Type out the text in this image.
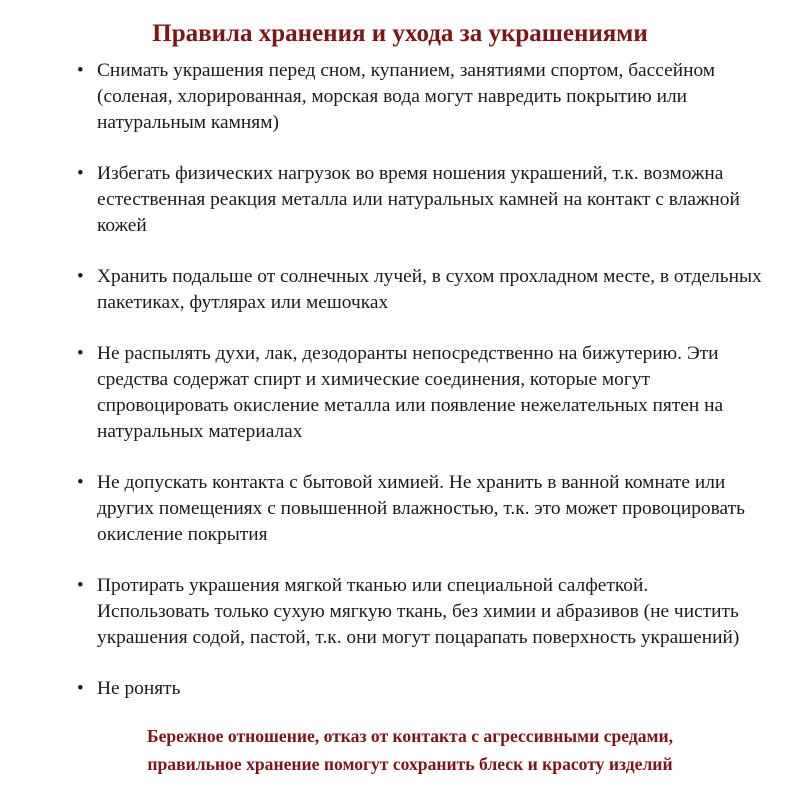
Правила хранения и ухода за украшениями
• Снимать украшения перед сном, купанием, занятиями спортом, бассейном (соленая, хлорированная, морская вода могут навредить покрытию или натуральным камням)
• Избегать физических нагрузок во время ношения украшений, т.к. возможна естественная реакция металла или натуральных камней на контакт с влажной кожей
• Хранить подальше от солнечных лучей, в сухом прохладном месте, в отдельных пакетиках, футлярах или мешочках
• Не распылять духи, лак, дезодоранты непосредственно на бижутерию. Эти средства содержат спирт и химические соединения, которые могут спровоцировать окисление металла или появление нежелательных пятен на натуральных материалах
• Не допускать контакта с бытовой химией. Не хранить в ванной комнате или других помещениях с повышенной влажностью, т.к. это может провоцировать окисление покрытия
• Протирать украшения мягкой тканью или специальной салфеткой. Использовать только сухую мягкую ткань, без химии и абразивов (не чистить украшения содой, пастой, т.к. они могут поцарапать поверхность украшений)
• Не ронять

Бережное отношение, отказ от контакта с агрессивными средами,
правильное хранение помогут сохранить блеск и красоту изделий
